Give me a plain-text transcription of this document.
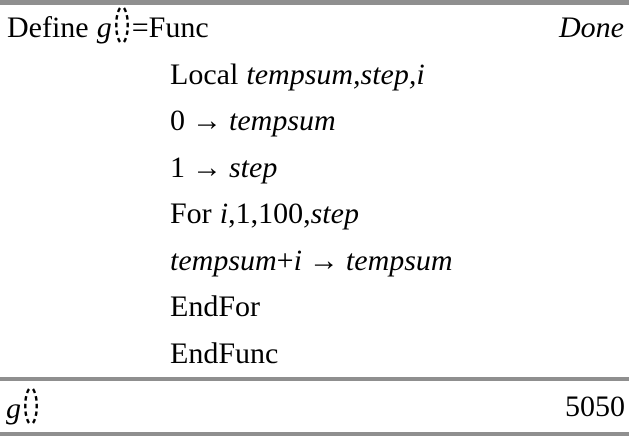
Define g =Func	Done
Local tempsum,step,i
0 → tempsum
1 → step
For i,1,100,step
tempsum+i → tempsum
EndFor
EndFunc
g	5050
